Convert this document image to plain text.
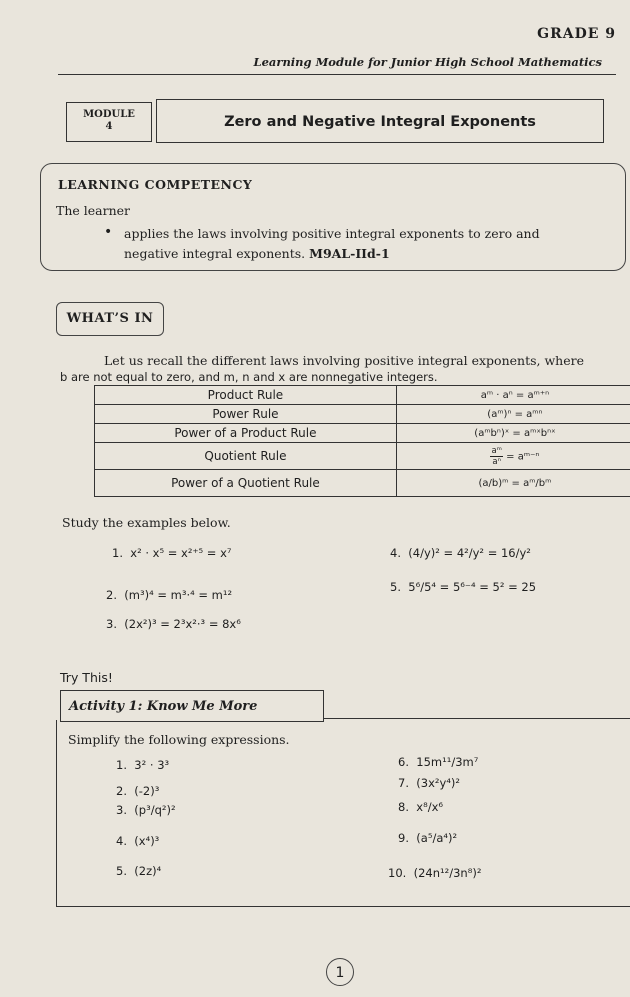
GRADE 9
Learning Module for Junior High School Mathematics
MODULE
4	Zero and Negative Integral Exponents
LEARNING COMPETENCY
The learner
• applies the laws involving positive integral exponents to zero and negative integral exponents. M9AL-IId-1
WHAT’S IN
Let us recall the different laws involving positive integral exponents, where
b are not equal to zero, and m, n and x are nonnegative integers.
Product Rule	aᵐ · aⁿ = aᵐ⁺ⁿ
Power Rule	(aᵐ)ⁿ = aᵐⁿ
Power of a Product Rule	(aᵐbⁿ)ˣ = aᵐˣbⁿˣ
Quotient Rule	$\frac{\text{aᵐ}}{\text{aⁿ}}$ = aᵐ⁻ⁿ
Power of a Quotient Rule	(a/b)ᵐ = aᵐ/bᵐ
Study the examples below.
1. x² · x⁵ = x²⁺⁵ = x⁷
2. (m³)⁴ = m³·⁴ = m¹²
3. (2x²)³ = 2³x²·³ = 8x⁶
4. (4/y)² = 4²/y² = 16/y²
5. 5⁶/5⁴ = 5⁶⁻⁴ = 5² = 25
Try This!
Activity 1: Know Me More
Simplify the following expressions.
1. 3² · 3³
2. (-2)³
3. (p³/q²)²
4. (x⁴)³
5. (2z)⁴
6. 15m¹¹/3m⁷
7. (3x²y⁴)²
8. x⁸/x⁶
9. (a⁵/a⁴)²
10. (24n¹²/3n⁸)²
1
